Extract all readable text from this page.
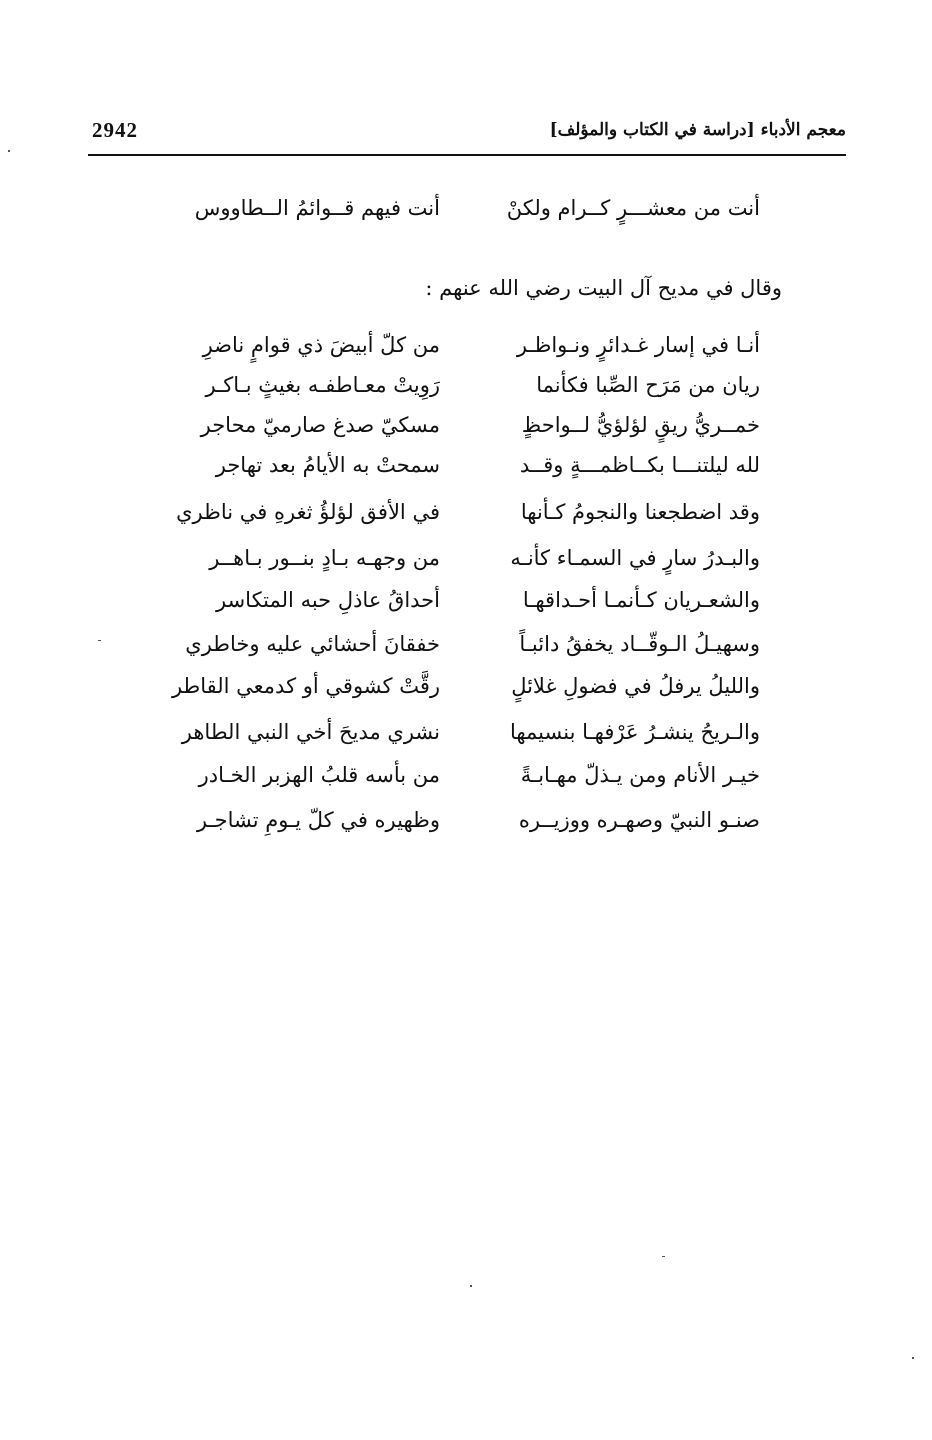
2942	معجم الأدباء [دراسة في الكتاب والمؤلف]
أنت من معشـــرٍ كــرام ولكنْ
أنت فيهم قــوائمُ الــطاووس
وقال في مديح آل البيت رضي الله عنهم :
أنـا في إسار غـدائرٍ ونـواظـر
من كلّ أبيضَ ذي قوامٍ ناضرِ
ريان من مَرَح الصِّبا فكأنما
رَوِيتْ معـاطفـه بغيثٍ بـاكـر
خمــريُّ ريقٍ لؤلؤيُّ لــواحظٍ
مسكيّ صدغ صارميّ محاجر
لله ليلتنـــا بكــاظمـــةٍ وقــد
سمحتْ به الأيامُ بعد تهاجر
وقد اضطجعنا والنجومُ كـأنها
في الأفق لؤلؤُ ثغرهِ في ناظري
والبـدرُ سارٍ في السمـاء كأنـه
من وجهـه بـادٍ بنــور بـاهــر
والشعـريان كـأنمـا أحـداقهـا
أحداقُ عاذلِ حبه المتكاسر
وسهيـلُ الـوقّــاد يخفقُ دائبـاً
خفقانَ أحشائي عليه وخاطري
والليلُ يرفلُ في فضولِ غلائلٍ
رقَّتْ كشوقي أو كدمعي القاطر
والـريحُ ينشـرُ عَرْفهـا بنسيمها
نشري مديحَ أخي النبي الطاهر
خيـر الأنام ومن يـذلّ مهـابـةً
من بأسه قلبُ الهزبر الخـادر
صنـو النبيّ وصهـره ووزيــره
وظهيره في كلّ يـومِ تشاجـر
